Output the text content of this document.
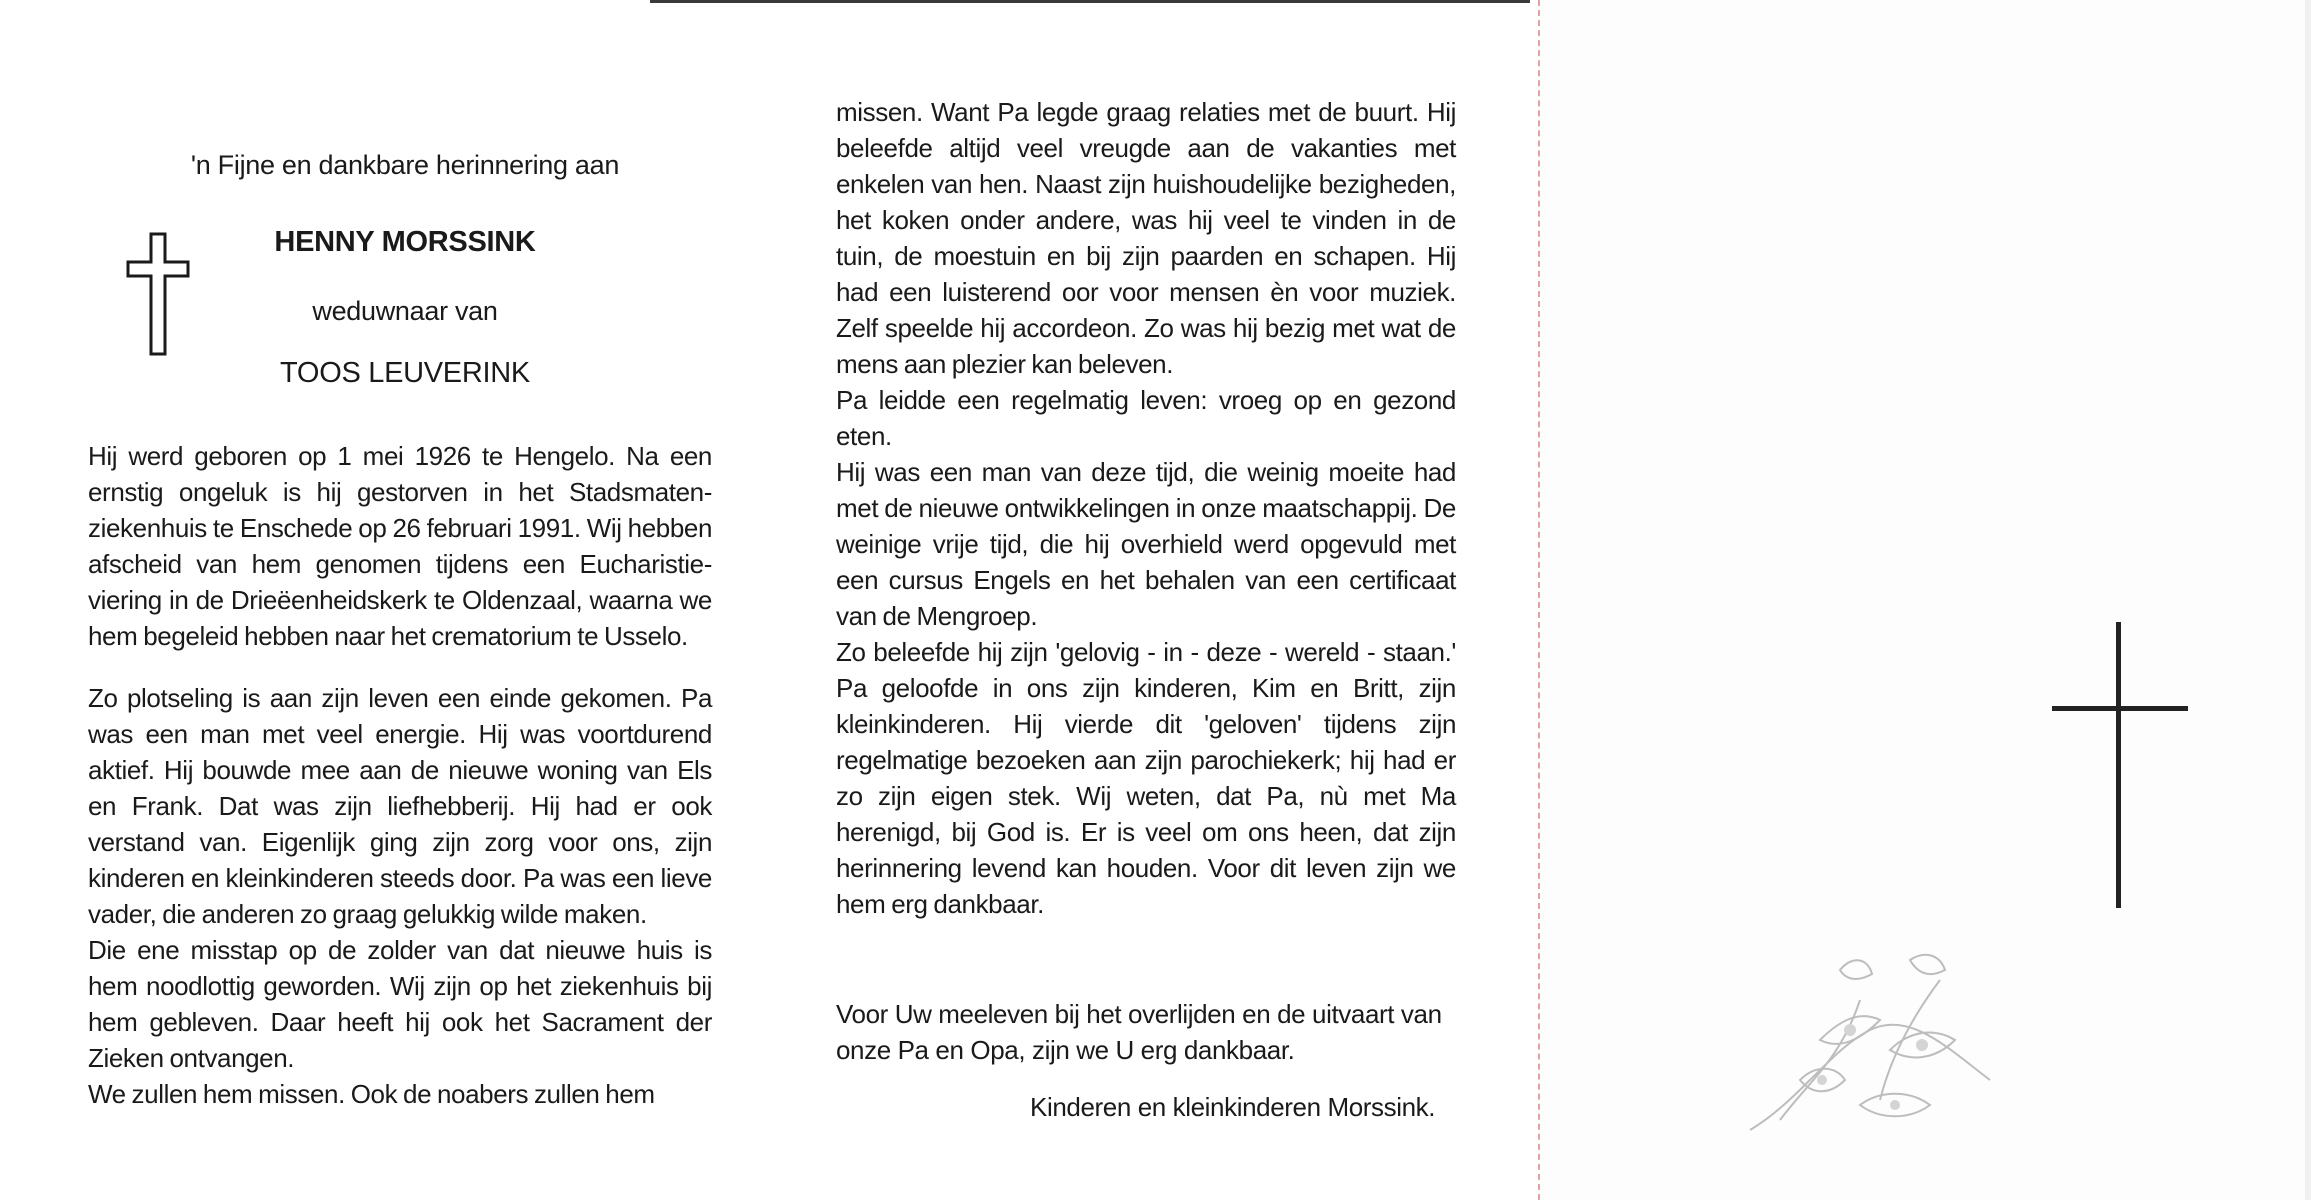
'n Fijne en dankbare herinnering aan
HENNY MORSSINK
weduwnaar van
TOOS LEUVERINK

Hij werd geboren op 1 mei 1926 te Hengelo. Na een ernstig ongeluk is hij gestorven in het Stadsmaten-ziekenhuis te Enschede op 26 februari 1991. Wij hebben afscheid van hem genomen tijdens een Eucharistie-viering in de Drieëenheidskerk te Oldenzaal, waarna we hem begeleid hebben naar het crematorium te Usselo.

Zo plotseling is aan zijn leven een einde gekomen. Pa was een man met veel energie. Hij was voortdurend aktief. Hij bouwde mee aan de nieuwe woning van Els en Frank. Dat was zijn liefhebberij. Hij had er ook verstand van. Eigenlijk ging zijn zorg voor ons, zijn kinderen en kleinkinderen steeds door. Pa was een lieve vader, die anderen zo graag gelukkig wilde maken.

Die ene misstap op de zolder van dat nieuwe huis is hem noodlottig geworden. Wij zijn op het ziekenhuis bij hem gebleven. Daar heeft hij ook het Sacrament der Zieken ontvangen.

We zullen hem missen. Ook de noabers zullen hem

missen. Want Pa legde graag relaties met de buurt. Hij beleefde altijd veel vreugde aan de vakanties met enkelen van hen. Naast zijn huishoudelijke bezigheden, het koken onder andere, was hij veel te vinden in de tuin, de moestuin en bij zijn paarden en schapen. Hij had een luisterend oor voor mensen èn voor muziek. Zelf speelde hij accordeon. Zo was hij bezig met wat de mens aan plezier kan beleven.

Pa leidde een regelmatig leven: vroeg op en gezond eten.

Hij was een man van deze tijd, die weinig moeite had met de nieuwe ontwikkelingen in onze maatschappij. De weinige vrije tijd, die hij overhield werd opgevuld met een cursus Engels en het behalen van een certificaat van de Mengroep.

Zo beleefde hij zijn 'gelovig - in - deze - wereld - staan.' Pa geloofde in ons zijn kinderen, Kim en Britt, zijn kleinkinderen. Hij vierde dit 'geloven' tijdens zijn regelmatige bezoeken aan zijn parochiekerk; hij had er zo zijn eigen stek. Wij weten, dat Pa, nù met Ma herenigd, bij God is. Er is veel om ons heen, dat zijn herinnering levend kan houden. Voor dit leven zijn we hem erg dankbaar.

Voor Uw meeleven bij het overlijden en de uitvaart van onze Pa en Opa, zijn we U erg dankbaar.
Kinderen en kleinkinderen Morssink.
